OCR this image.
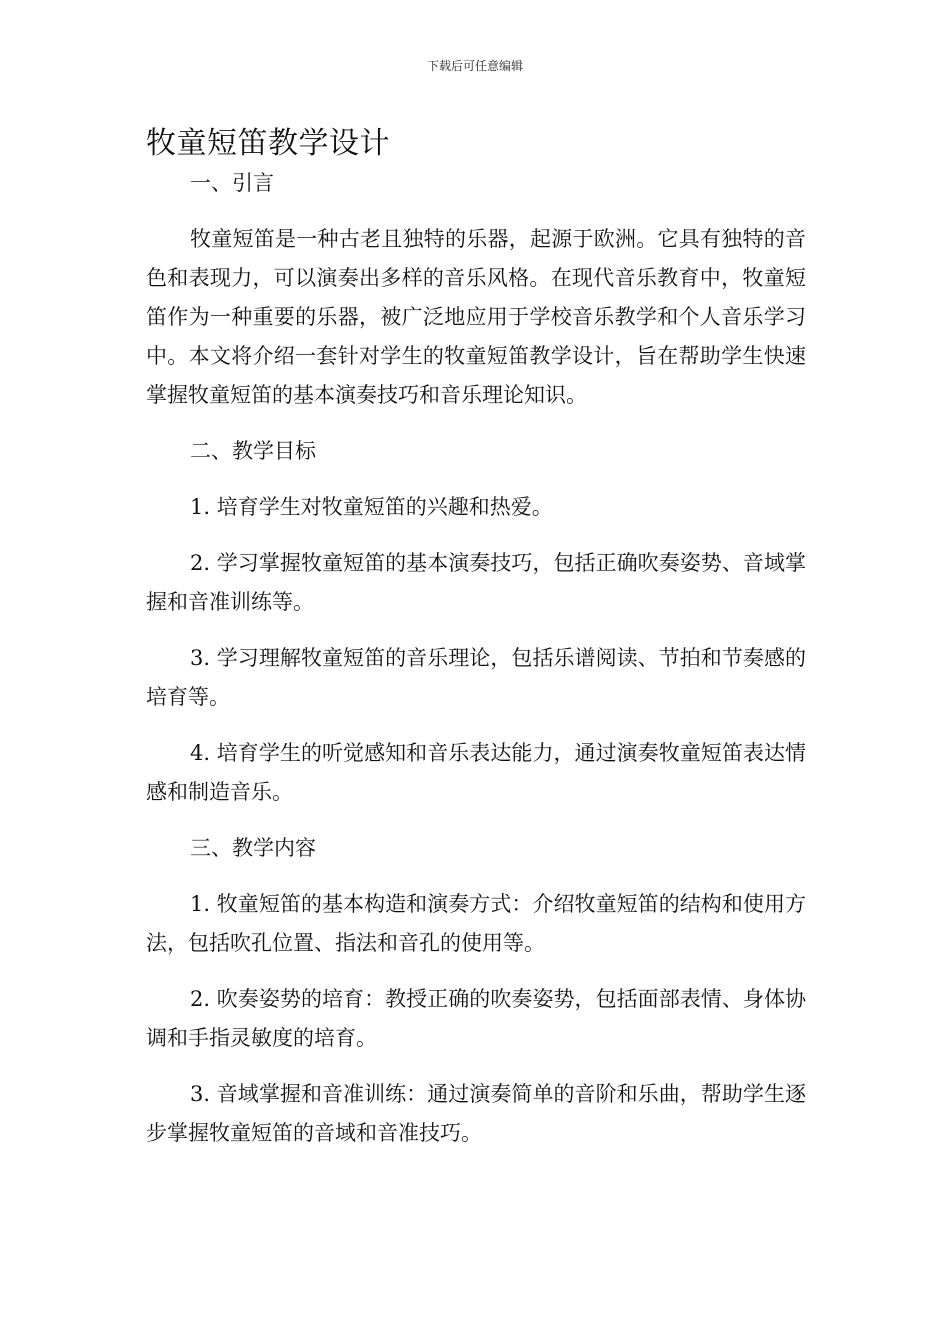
下载后可任意编辑
牧童短笛教学设计
一、引言

牧童短笛是一种古老且独特的乐器，起源于欧洲。它具有独特的音色和表现力，可以演奏出多样的音乐风格。在现代音乐教育中，牧童短笛作为一种重要的乐器，被广泛地应用于学校音乐教学和个人音乐学习中。本文将介绍一套针对学生的牧童短笛教学设计，旨在帮助学生快速掌握牧童短笛的基本演奏技巧和音乐理论知识。

二、教学目标

1. 培育学生对牧童短笛的兴趣和热爱。

2. 学习掌握牧童短笛的基本演奏技巧，包括正确吹奏姿势、音域掌握和音准训练等。

3. 学习理解牧童短笛的音乐理论，包括乐谱阅读、节拍和节奏感的培育等。

4. 培育学生的听觉感知和音乐表达能力，通过演奏牧童短笛表达情感和制造音乐。

三、教学内容

1. 牧童短笛的基本构造和演奏方式：介绍牧童短笛的结构和使用方法，包括吹孔位置、指法和音孔的使用等。

2. 吹奏姿势的培育：教授正确的吹奏姿势，包括面部表情、身体协调和手指灵敏度的培育。

3. 音域掌握和音准训练：通过演奏简单的音阶和乐曲，帮助学生逐步掌握牧童短笛的音域和音准技巧。
